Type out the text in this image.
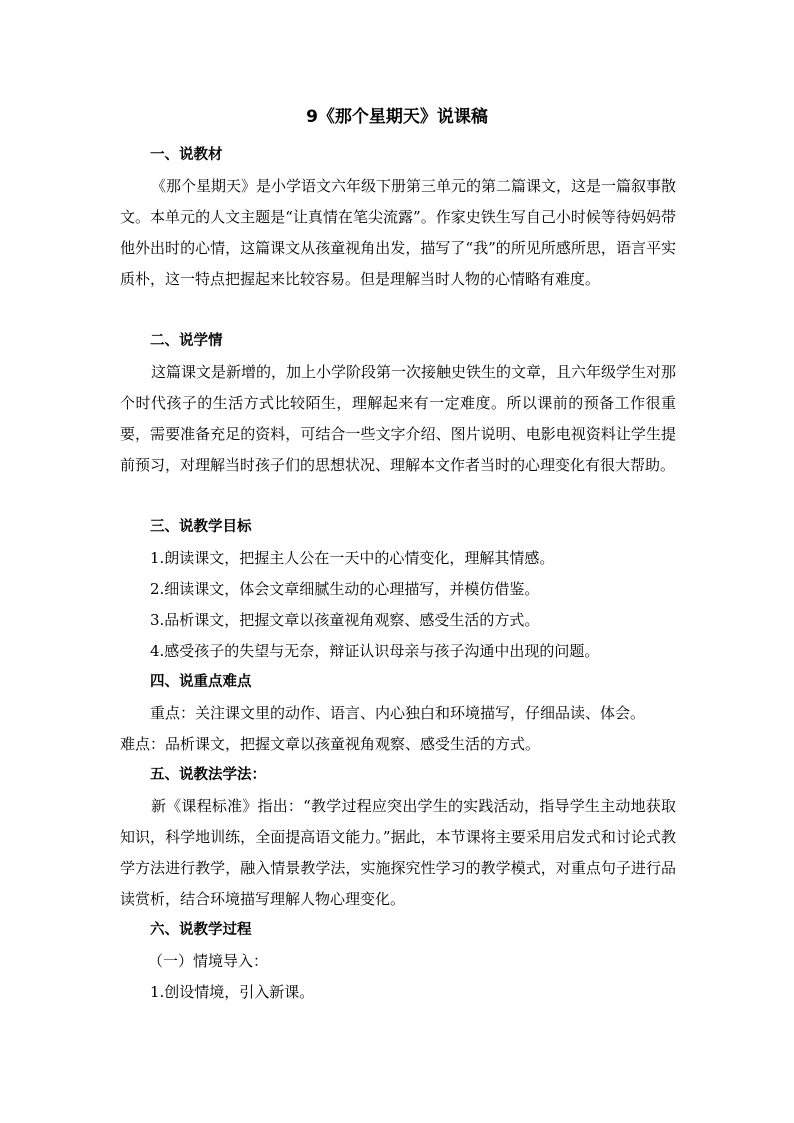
9《那个星期天》说课稿
一、说教材

《那个星期天》是小学语文六年级下册第三单元的第二篇课文，这是一篇叙事散文。本单元的人文主题是“让真情在笔尖流露”。作家史铁生写自己小时候等待妈妈带他外出时的心情，这篇课文从孩童视角出发，描写了“我”的所见所感所思，语言平实质朴，这一特点把握起来比较容易。但是理解当时人物的心情略有难度。

二、说学情

这篇课文是新增的，加上小学阶段第一次接触史铁生的文章，且六年级学生对那个时代孩子的生活方式比较陌生，理解起来有一定难度。所以课前的预备工作很重要，需要准备充足的资料，可结合一些文字介绍、图片说明、电影电视资料让学生提前预习，对理解当时孩子们的思想状况、理解本文作者当时的心理变化有很大帮助。

三、说教学目标
1.朗读课文，把握主人公在一天中的心情变化，理解其情感。
2.细读课文，体会文章细腻生动的心理描写，并模仿借鉴。
3.品析课文，把握文章以孩童视角观察、感受生活的方式。
4.感受孩子的失望与无奈，辩证认识母亲与孩子沟通中出现的问题。
四、说重点难点
重点：关注课文里的动作、语言、内心独白和环境描写，仔细品读、体会。
难点：品析课文，把握文章以孩童视角观察、感受生活的方式。
五、说教法学法：

新《课程标准》指出：“教学过程应突出学生的实践活动，指导学生主动地获取知识，科学地训练，全面提高语文能力。”据此，本节课将主要采用启发式和讨论式教学方法进行教学，融入情景教学法，实施探究性学习的教学模式，对重点句子进行品读赏析，结合环境描写理解人物心理变化。

六、说教学过程
（一）情境导入：
1.创设情境，引入新课。
